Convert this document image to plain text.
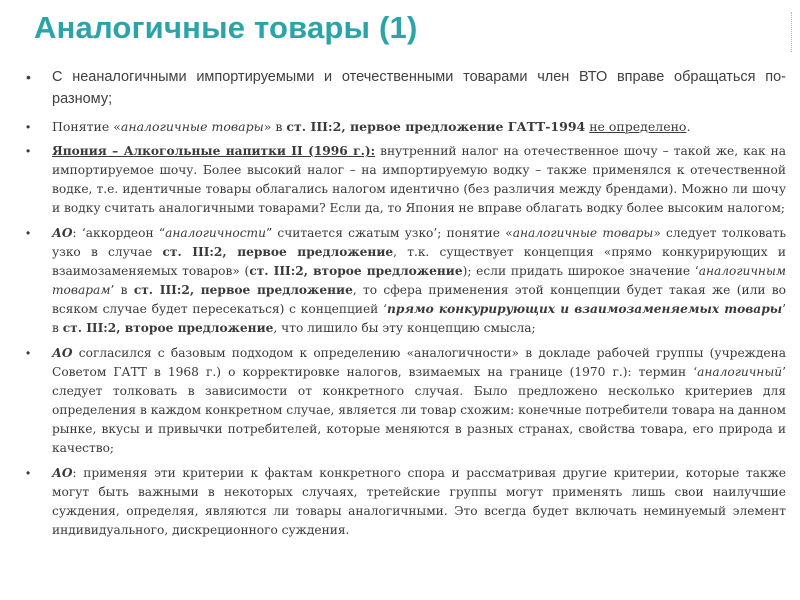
Аналогичные товары (1)
• С неаналогичными импортируемыми и отечественными товарами член ВТО вправе обращаться по-разному;
• Понятие «аналогичные товары» в ст. III:2, первое предложение ГАТТ-1994 не определено.
• Япония – Алкогольные напитки II (1996 г.): внутренний налог на отечественное шочу – такой же, как на импортируемое шочу. Более высокий налог – на импортируемую водку – также применялся к отечественной водке, т.е. идентичные товары облагались налогом идентично (без различия между брендами). Можно ли шочу и водку считать аналогичными товарами? Если да, то Япония не вправе облагать водку более высоким налогом;
• АО: ‘аккордеон “аналогичности” считается сжатым узко’; понятие «аналогичные товары» следует толковать узко в случае ст. III:2, первое предложение, т.к. существует концепция «прямо конкурирующих и взаимозаменяемых товаров» (ст. III:2, второе предложение); если придать широкое значение ‘аналогичным товарам’ в ст. III:2, первое предложение, то сфера применения этой концепции будет такая же (или во всяком случае будет пересекаться) с концепцией ‘прямо конкурирующих и взаимозаменяемых товары’ в ст. III:2, второе предложение, что лишило бы эту концепцию смысла;
• АО согласился с базовым подходом к определению «аналогичности» в докладе рабочей группы (учреждена Советом ГАТТ в 1968 г.) о корректировке налогов, взимаемых на границе (1970 г.): термин ‘аналогичный’ следует толковать в зависимости от конкретного случая. Было предложено несколько критериев для определения в каждом конкретном случае, является ли товар схожим: конечные потребители товара на данном рынке, вкусы и привычки потребителей, которые меняются в разных странах, свойства товара, его природа и качество;
• АО: применяя эти критерии к фактам конкретного спора и рассматривая другие критерии, которые также могут быть важными в некоторых случаях, третейские группы могут применять лишь свои наилучшие суждения, определяя, являются ли товары аналогичными. Это всегда будет включать неминуемый элемент индивидуального, дискреционного суждения.
